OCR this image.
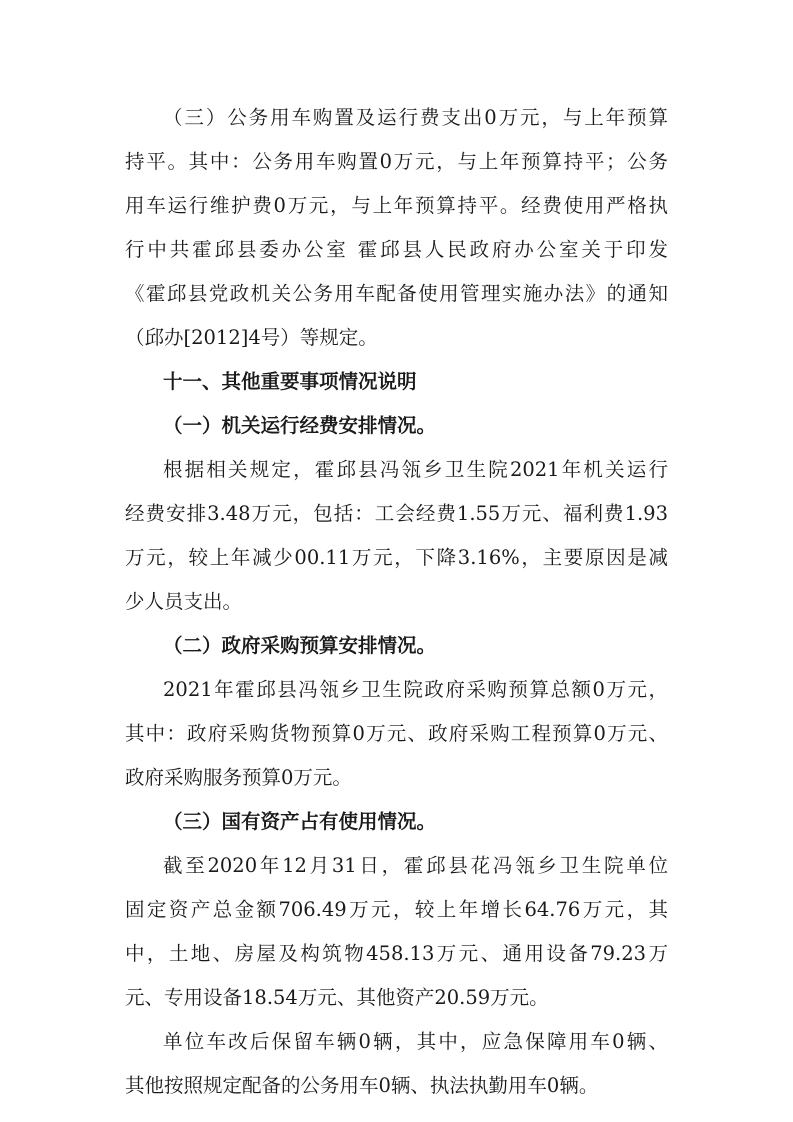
（三）公务用车购置及运行费支出0万元，与上年预算
持平。其中：公务用车购置0万元，与上年预算持平；公务
用车运行维护费0万元，与上年预算持平。经费使用严格执
行中共霍邱县委办公室 霍邱县人民政府办公室关于印发
《霍邱县党政机关公务用车配备使用管理实施办法》的通知
（邱办[2012]4号）等规定。
十一、其他重要事项情况说明
（一）机关运行经费安排情况。
根据相关规定，霍邱县冯瓴乡卫生院2021年机关运行
经费安排3.48万元，包括：工会经费1.55万元、福利费1.93
万元，较上年减少00.11万元，下降3.16%，主要原因是减
少人员支出。
（二）政府采购预算安排情况。
2021年霍邱县冯瓴乡卫生院政府采购预算总额0万元，
其中：政府采购货物预算0万元、政府采购工程预算0万元、
政府采购服务预算0万元。
（三）国有资产占有使用情况。
截至2020年12月31日，霍邱县花冯瓴乡卫生院单位
固定资产总金额706.49万元，较上年增长64.76万元，其
中，土地、房屋及构筑物458.13万元、通用设备79.23万
元、专用设备18.54万元、其他资产20.59万元。
单位车改后保留车辆0辆，其中，应急保障用车0辆、
其他按照规定配备的公务用车0辆、执法执勤用车0辆。
